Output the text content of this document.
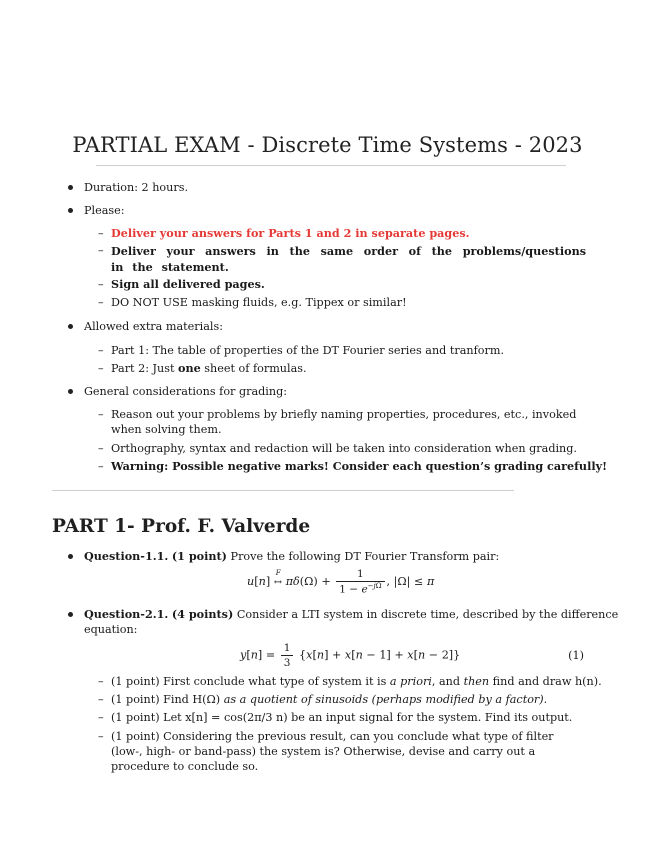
PARTIAL EXAM - Discrete Time Systems - 2023
Duration: 2 hours.
Please:
– Deliver your answers for Parts 1 and 2 in separate pages.
– Deliver your answers in the same order of the problems/questions in the statement.
– Sign all delivered pages.
– DO NOT USE masking fluids, e.g. Tippex or similar!
Allowed extra materials:
– Part 1: The table of properties of the DT Fourier series and tranform.
– Part 2: Just one sheet of formulas.
General considerations for grading:
– Reason out your problems by briefly naming properties, procedures, etc., invoked when solving them.
– Orthography, syntax and redaction will be taken into consideration when grading.
– Warning: Possible negative marks! Consider each question’s grading carefully!
PART 1- Prof. F. Valverde
Question-1.1. (1 point) Prove the following DT Fourier Transform pair:
u[n]
F
↔ $\pi\delta(\Omega) + \frac{1}{1 - e^{-j\Omega}}$ , |Ω| ≤ π
Question-2.1. (4 points) Consider a LTI system in discrete time, described by the difference
equation:
$y[n] = \frac{1}{3} \{x[n] + x[n - 1] + x[n - 2]\}$	(1)
– (1 point) First conclude what type of system it is a priori, and then find and draw h(n).
– (1 point) Find H(Ω) as a quotient of sinusoids (perhaps modified by a factor).
– (1 point) Let x[n] = cos(2π/3 n) be an input signal for the system. Find its output.
– (1 point) Considering the previous result, can you conclude what type of filter (low-, high- or band-pass) the system is? Otherwise, devise and carry out a procedure to conclude so.
